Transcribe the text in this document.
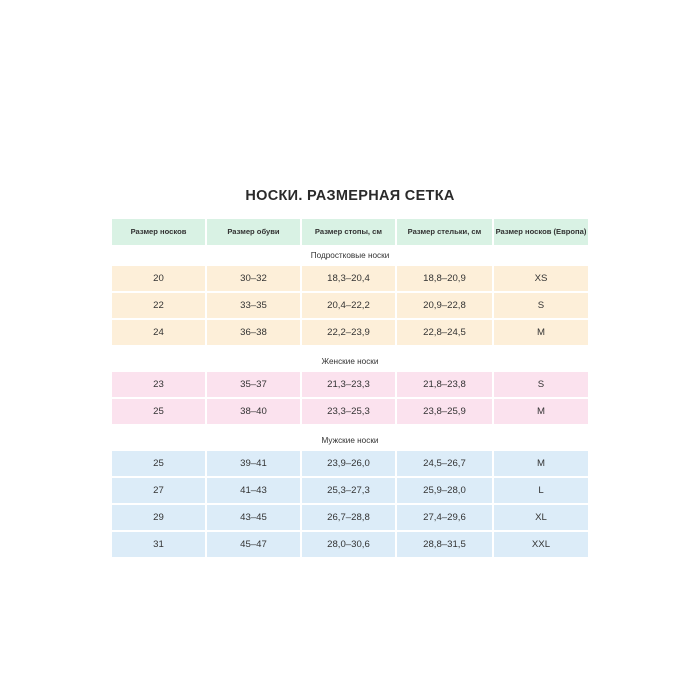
НОСКИ. РАЗМЕРНАЯ СЕТКА
Размер носков	Размер обуви	Размер стопы, см	Размер стельки, см	Размер носков (Европа)
Подростковые носки				
20	30–32	18,3–20,4	18,8–20,9	XS
22	33–35	20,4–22,2	20,9–22,8	S
24	36–38	22,2–23,9	22,8–24,5	M

Женские носки				
23	35–37	21,3–23,3	21,8–23,8	S
25	38–40	23,3–25,3	23,8–25,9	M

Мужские носки				
25	39–41	23,9–26,0	24,5–26,7	M
27	41–43	25,3–27,3	25,9–28,0	L
29	43–45	26,7–28,8	27,4–29,6	XL
31	45–47	28,0–30,6	28,8–31,5	XXL
